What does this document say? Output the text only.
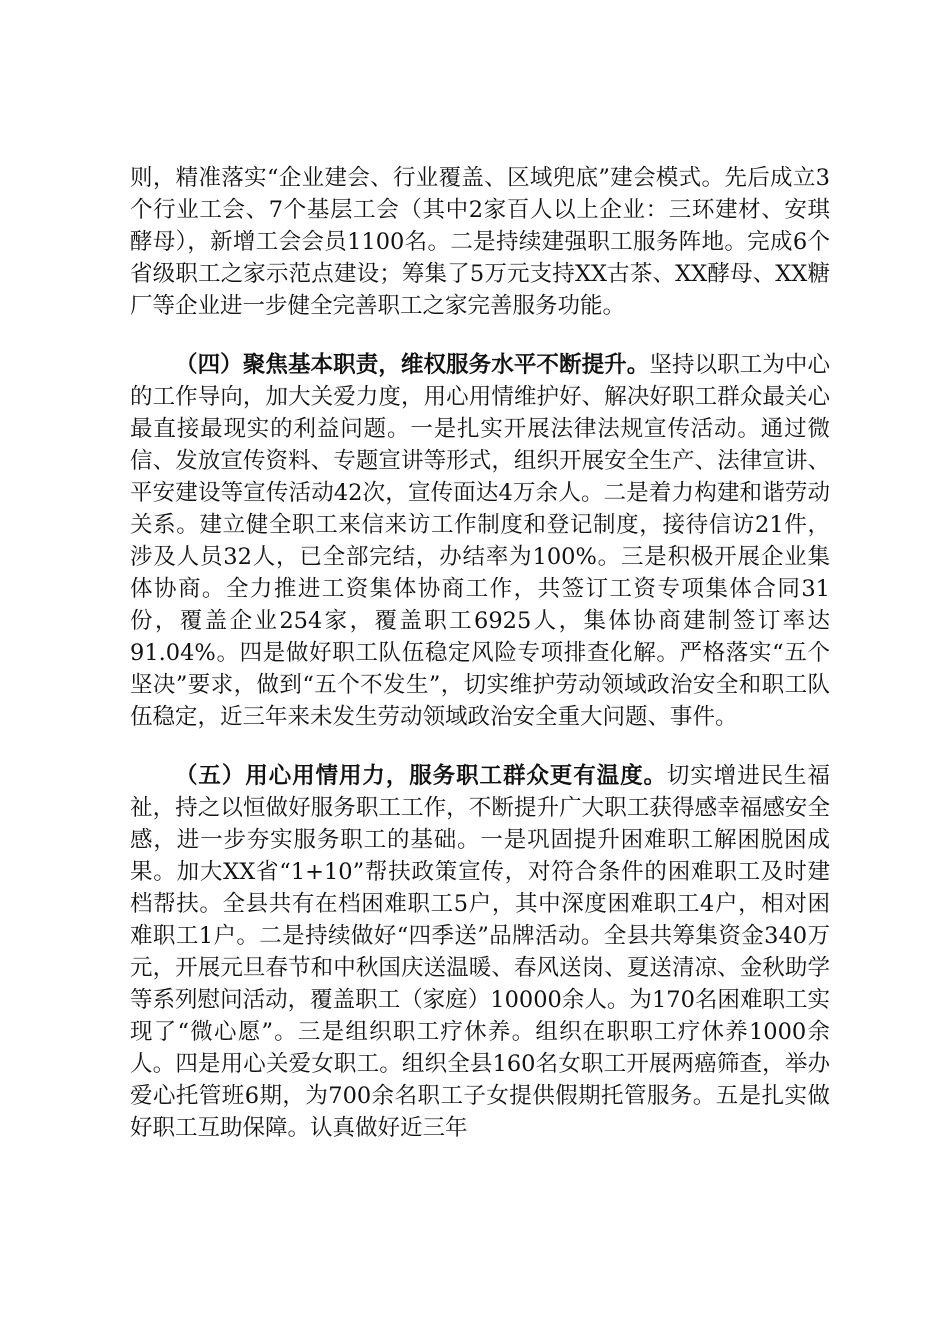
则，精准落实“企业建会、行业覆盖、区域兜底”建会模式。先后成立3个行业工会、7个基层工会（其中2家百人以上企业：三环建材、安琪酵母），新增工会会员1100名。二是持续建强职工服务阵地。完成6个省级职工之家示范点建设；筹集了5万元支持XX古茶、XX酵母、XX糖厂等企业进一步健全完善职工之家完善服务功能。

（四）聚焦基本职责，维权服务水平不断提升。坚持以职工为中心的工作导向，加大关爱力度，用心用情维护好、解决好职工群众最关心最直接最现实的利益问题。一是扎实开展法律法规宣传活动。通过微信、发放宣传资料、专题宣讲等形式，组织开展安全生产、法律宣讲、平安建设等宣传活动42次，宣传面达4万余人。二是着力构建和谐劳动关系。建立健全职工来信来访工作制度和登记制度，接待信访21件，涉及人员32人，已全部完结，办结率为100%。三是积极开展企业集体协商。全力推进工资集体协商工作，共签订工资专项集体合同31份，覆盖企业254家，覆盖职工6925人，集体协商建制签订率达91.04%。四是做好职工队伍稳定风险专项排查化解。严格落实“五个坚决”要求，做到“五个不发生”，切实维护劳动领域政治安全和职工队伍稳定，近三年来未发生劳动领域政治安全重大问题、事件。

（五）用心用情用力，服务职工群众更有温度。切实增进民生福祉，持之以恒做好服务职工工作，不断提升广大职工获得感幸福感安全感，进一步夯实服务职工的基础。一是巩固提升困难职工解困脱困成果。加大XX省“1+10”帮扶政策宣传，对符合条件的困难职工及时建档帮扶。全县共有在档困难职工5户，其中深度困难职工4户，相对困难职工1户。二是持续做好“四季送”品牌活动。全县共筹集资金340万元，开展元旦春节和中秋国庆送温暖、春风送岗、夏送清凉、金秋助学等系列慰问活动，覆盖职工（家庭）10000余人。为170名困难职工实现了“微心愿”。三是组织职工疗休养。组织在职职工疗休养1000余人。四是用心关爱女职工。组织全县160名女职工开展两癌筛查，举办爱心托管班6期，为700余名职工子女提供假期托管服务。五是扎实做好职工互助保障。认真做好近三年
